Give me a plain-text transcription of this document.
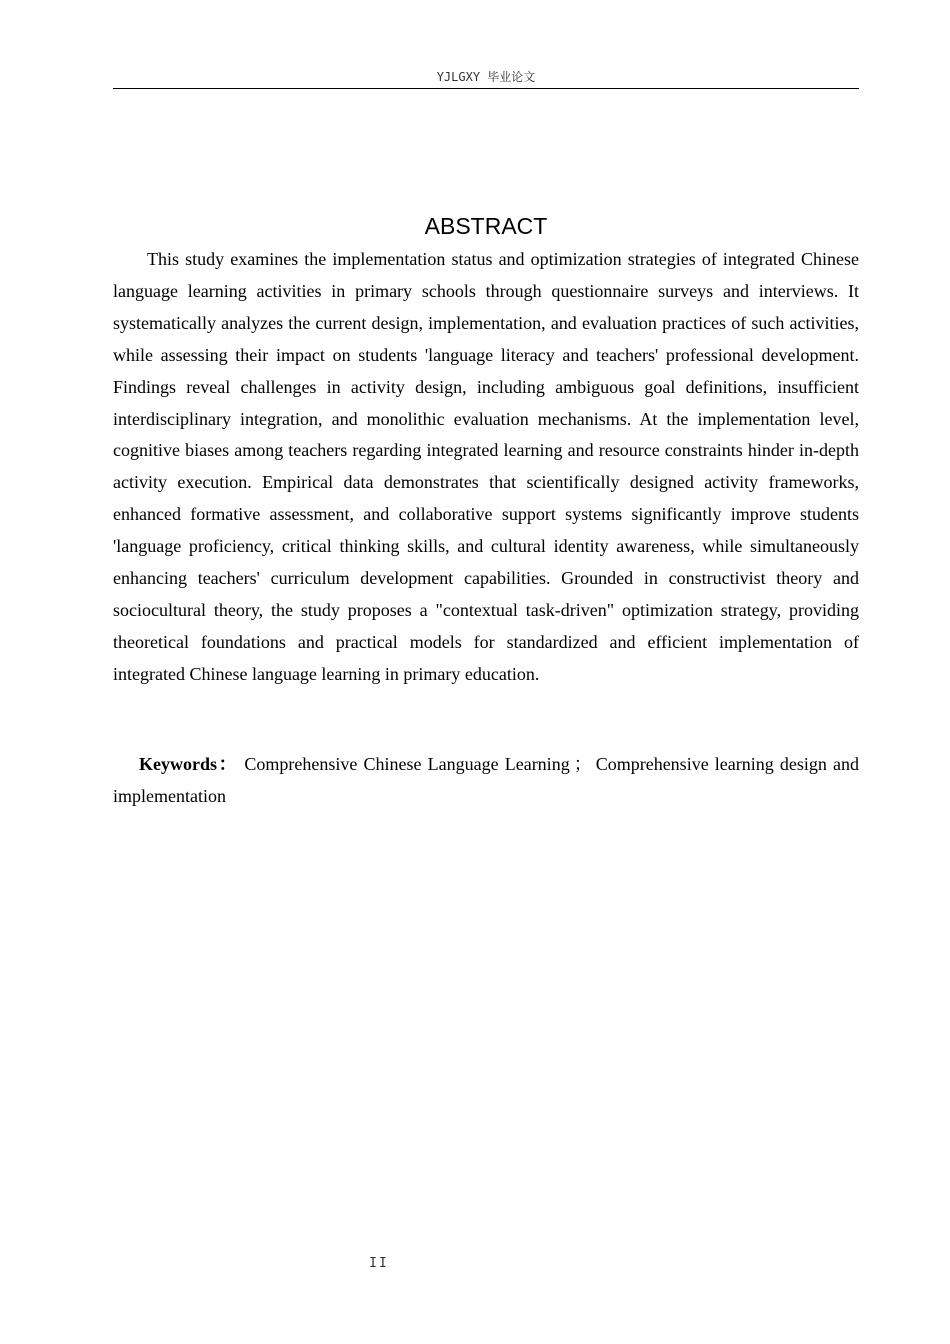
YJLGXY 毕业论文
ABSTRACT

This study examines the implementation status and optimization strategies of integrated Chinese language learning activities in primary schools through questionnaire surveys and interviews. It systematically analyzes the current design, implementation, and evaluation practices of such activities, while assessing their impact on students 'language literacy and teachers' professional development. Findings reveal challenges in activity design, including ambiguous goal definitions, insufficient interdisciplinary integration, and monolithic evaluation mechanisms. At the implementation level, cognitive biases among teachers regarding integrated learning and resource constraints hinder in-depth activity execution. Empirical data demonstrates that scientifically designed activity frameworks, enhanced formative assessment, and collaborative support systems significantly improve students 'language proficiency, critical thinking skills, and cultural identity awareness, while simultaneously enhancing teachers' curriculum development capabilities. Grounded in constructivist theory and sociocultural theory, the study proposes a "contextual task-driven" optimization strategy, providing theoretical foundations and practical models for standardized and efficient implementation of integrated Chinese language learning in primary education.

Keywords： Comprehensive Chinese Language Learning ； Comprehensive learning design and implementation

II
